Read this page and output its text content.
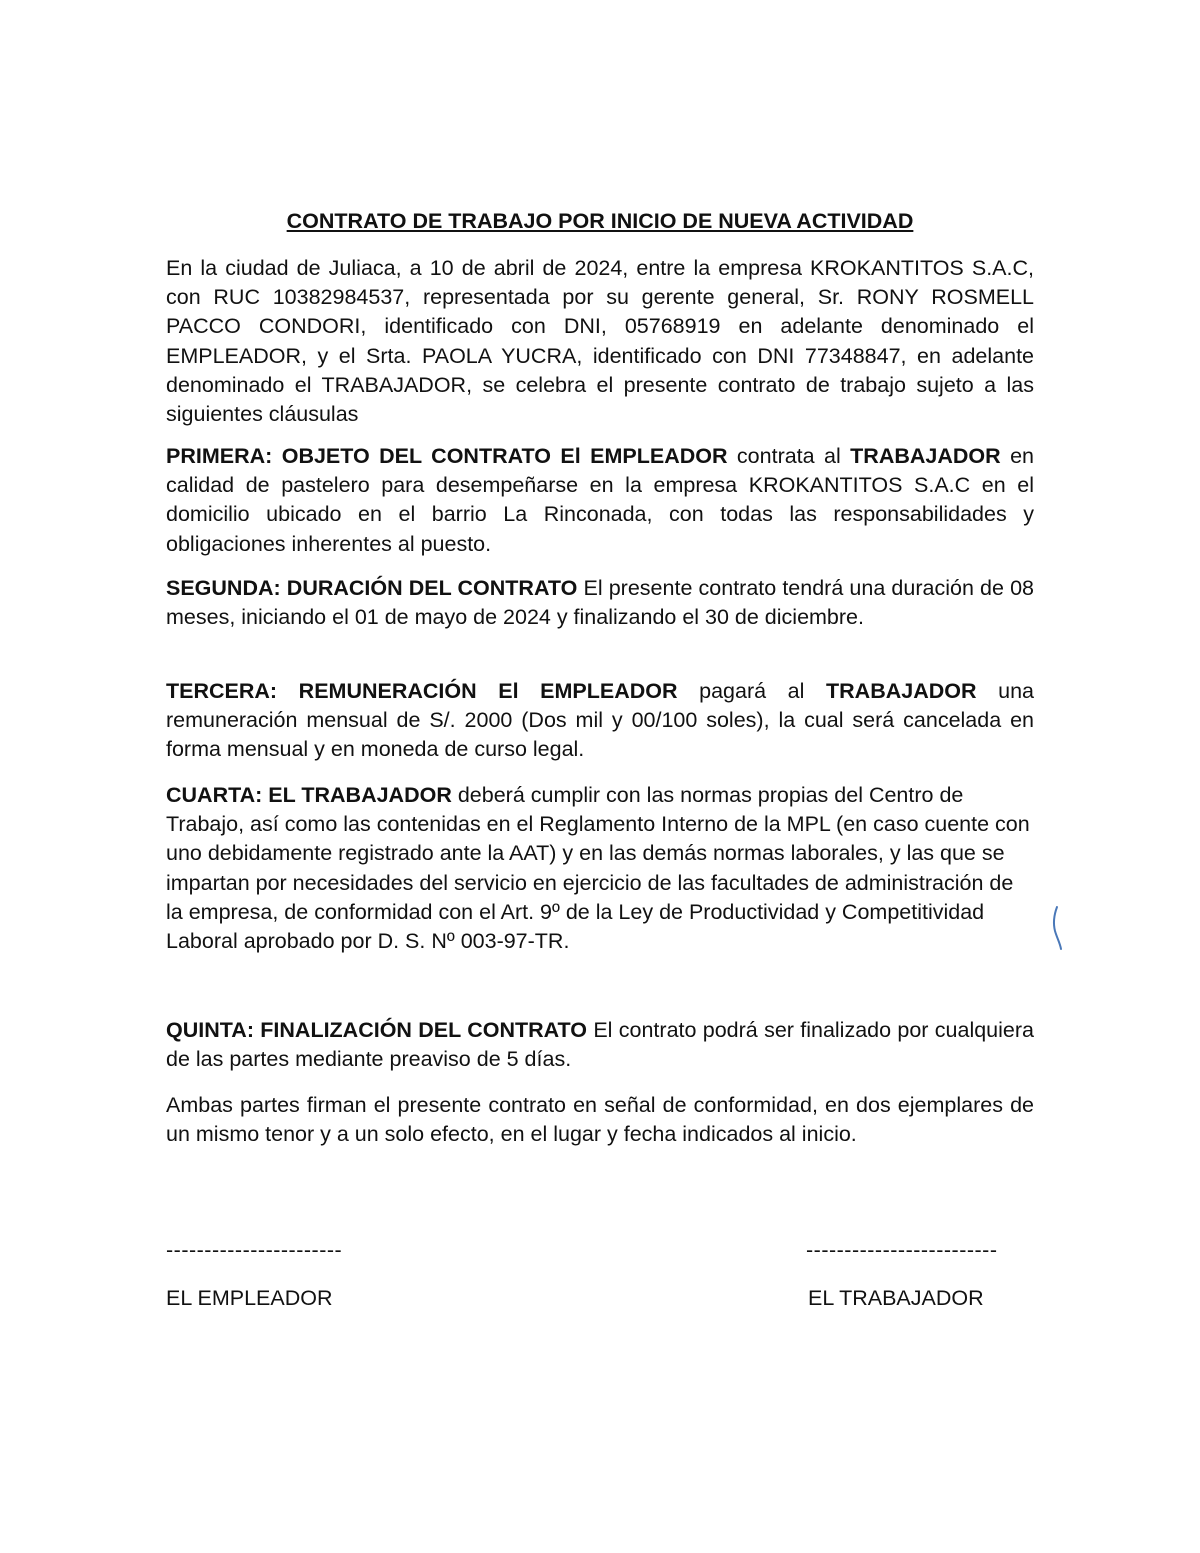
CONTRATO DE TRABAJO POR INICIO DE NUEVA ACTIVIDAD

En la ciudad de Juliaca, a 10 de abril de 2024, entre la empresa KROKANTITOS S.A.C, con RUC 10382984537, representada por su gerente general, Sr. RONY ROSMELL PACCO CONDORI, identificado con DNI, 05768919 en adelante denominado el EMPLEADOR, y el Srta. PAOLA YUCRA, identificado con DNI 77348847, en adelante denominado el TRABAJADOR, se celebra el presente contrato de trabajo sujeto a las siguientes cláusulas

PRIMERA: OBJETO DEL CONTRATO El EMPLEADOR contrata al TRABAJADOR en calidad de pastelero para desempeñarse en la empresa KROKANTITOS S.A.C en el domicilio ubicado en el barrio La Rinconada, con todas las responsabilidades y obligaciones inherentes al puesto.

SEGUNDA: DURACIÓN DEL CONTRATO El presente contrato tendrá una duración de 08 meses, iniciando el 01 de mayo de 2024 y finalizando el 30 de diciembre.

TERCERA: REMUNERACIÓN El EMPLEADOR pagará al TRABAJADOR una remuneración mensual de S/. 2000 (Dos mil y 00/100 soles), la cual será cancelada en forma mensual y en moneda de curso legal.

CUARTA: EL TRABAJADOR deberá cumplir con las normas propias del Centro de Trabajo, así como las contenidas en el Reglamento Interno de la MPL (en caso cuente con uno debidamente registrado ante la AAT) y en las demás normas laborales, y las que se impartan por necesidades del servicio en ejercicio de las facultades de administración de la empresa, de conformidad con el Art. 9º de la Ley de Productividad y Competitividad Laboral aprobado por D. S. Nº 003-97-TR.

QUINTA: FINALIZACIÓN DEL CONTRATO El contrato podrá ser finalizado por cualquiera de las partes mediante preaviso de 5 días.

Ambas partes firman el presente contrato en señal de conformidad, en dos ejemplares de un mismo tenor y a un solo efecto, en el lugar y fecha indicados al inicio.

-----------------------	-------------------------
EL EMPLEADOR	EL TRABAJADOR
